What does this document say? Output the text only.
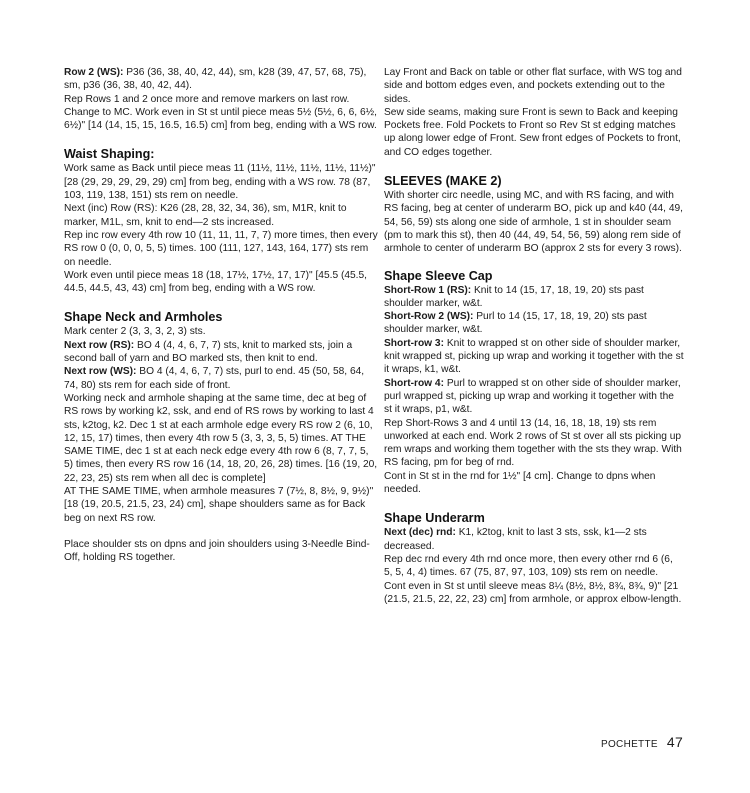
Row 2 (WS): P36 (36, 38, 40, 42, 44), sm, k28 (39, 47, 57, 68, 75), sm, p36 (36, 38, 40, 42, 44).

Rep Rows 1 and 2 once more and remove markers on last row.

Change to MC. Work even in St st until piece meas 5½ (5½, 6, 6, 6½, 6½)" [14 (14, 15, 15, 16.5, 16.5) cm] from beg, ending with a WS row.

Waist Shaping:

Work same as Back until piece meas 11 (11½, 11½, 11½, 11½, 11½)" [28 (29, 29, 29, 29, 29) cm] from beg, ending with a WS row. 78 (87, 103, 119, 138, 151) sts rem on needle.

Next (inc) Row (RS): K26 (28, 28, 32, 34, 36), sm, M1R, knit to marker, M1L, sm, knit to end—2 sts increased.

Rep inc row every 4th row 10 (11, 11, 11, 7, 7) more times, then every RS row 0 (0, 0, 0, 5, 5) times. 100 (111, 127, 143, 164, 177) sts rem on needle.

Work even until piece meas 18 (18, 17½, 17½, 17, 17)" [45.5 (45.5, 44.5, 44.5, 43, 43) cm] from beg, ending with a WS row.

Shape Neck and Armholes

Mark center 2 (3, 3, 3, 2, 3) sts.

Next row (RS): BO 4 (4, 4, 6, 7, 7) sts, knit to marked sts, join a second ball of yarn and BO marked sts, then knit to end.

Next row (WS): BO 4 (4, 4, 6, 7, 7) sts, purl to end. 45 (50, 58, 64, 74, 80) sts rem for each side of front.

Working neck and armhole shaping at the same time, dec at beg of RS rows by working k2, ssk, and end of RS rows by working to last 4 sts, k2tog, k2. Dec 1 st at each armhole edge every RS row 2 (6, 10, 12, 15, 17) times, then every 4th row 5 (3, 3, 3, 5, 5) times. AT THE SAME TIME, dec 1 st at each neck edge every 4th row 6 (8, 7, 7, 5, 5) times, then every RS row 16 (14, 18, 20, 26, 28) times. [16 (19, 20, 22, 23, 25) sts rem when all dec is complete]

AT THE SAME TIME, when armhole measures 7 (7½, 8, 8½, 9, 9½)" [18 (19, 20.5, 21.5, 23, 24) cm], shape shoulders same as for Back beg on next RS row.

Place shoulder sts on dpns and join shoulders using 3-Needle Bind-Off, holding RS together.

Lay Front and Back on table or other flat surface, with WS tog and side and bottom edges even, and pockets extending out to the sides.

Sew side seams, making sure Front is sewn to Back and keeping Pockets free. Fold Pockets to Front so Rev St st edging matches up along lower edge of Front. Sew front edges of Pockets to front, and CO edges together.

SLEEVES (MAKE 2)

With shorter circ needle, using MC, and with RS facing, and with RS facing, beg at center of underarm BO, pick up and k40 (44, 49, 54, 56, 59) sts along one side of armhole, 1 st in shoulder seam (pm to mark this st), then 40 (44, 49, 54, 56, 59) along rem side of armhole to center of underarm BO (approx 2 sts for every 3 rows).

Shape Sleeve Cap

Short-Row 1 (RS): Knit to 14 (15, 17, 18, 19, 20) sts past shoulder marker, w&t.

Short-Row 2 (WS): Purl to 14 (15, 17, 18, 19, 20) sts past shoulder marker, w&t.

Short-row 3: Knit to wrapped st on other side of shoulder marker, knit wrapped st, picking up wrap and working it together with the st it wraps, k1, w&t.

Short-row 4: Purl to wrapped st on other side of shoulder marker, purl wrapped st, picking up wrap and working it together with the st it wraps, p1, w&t.

Rep Short-Rows 3 and 4 until 13 (14, 16, 18, 18, 19) sts rem unworked at each end. Work 2 rows of St st over all sts picking up rem wraps and working them together with the sts they wrap. With RS facing, pm for beg of rnd.

Cont in St st in the rnd for 1½" [4 cm]. Change to dpns when needed.

Shape Underarm

Next (dec) rnd: K1, k2tog, knit to last 3 sts, ssk, k1—2 sts decreased.

Rep dec rnd every 4th rnd once more, then every other rnd 6 (6, 5, 5, 4, 4) times. 67 (75, 87, 97, 103, 109) sts rem on needle.

Cont even in St st until sleeve meas 8¼ (8½, 8½, 8¾, 8¾, 9)" [21 (21.5, 21.5, 22, 22, 23) cm] from armhole, or approx elbow-length.

POCHETTE 47
